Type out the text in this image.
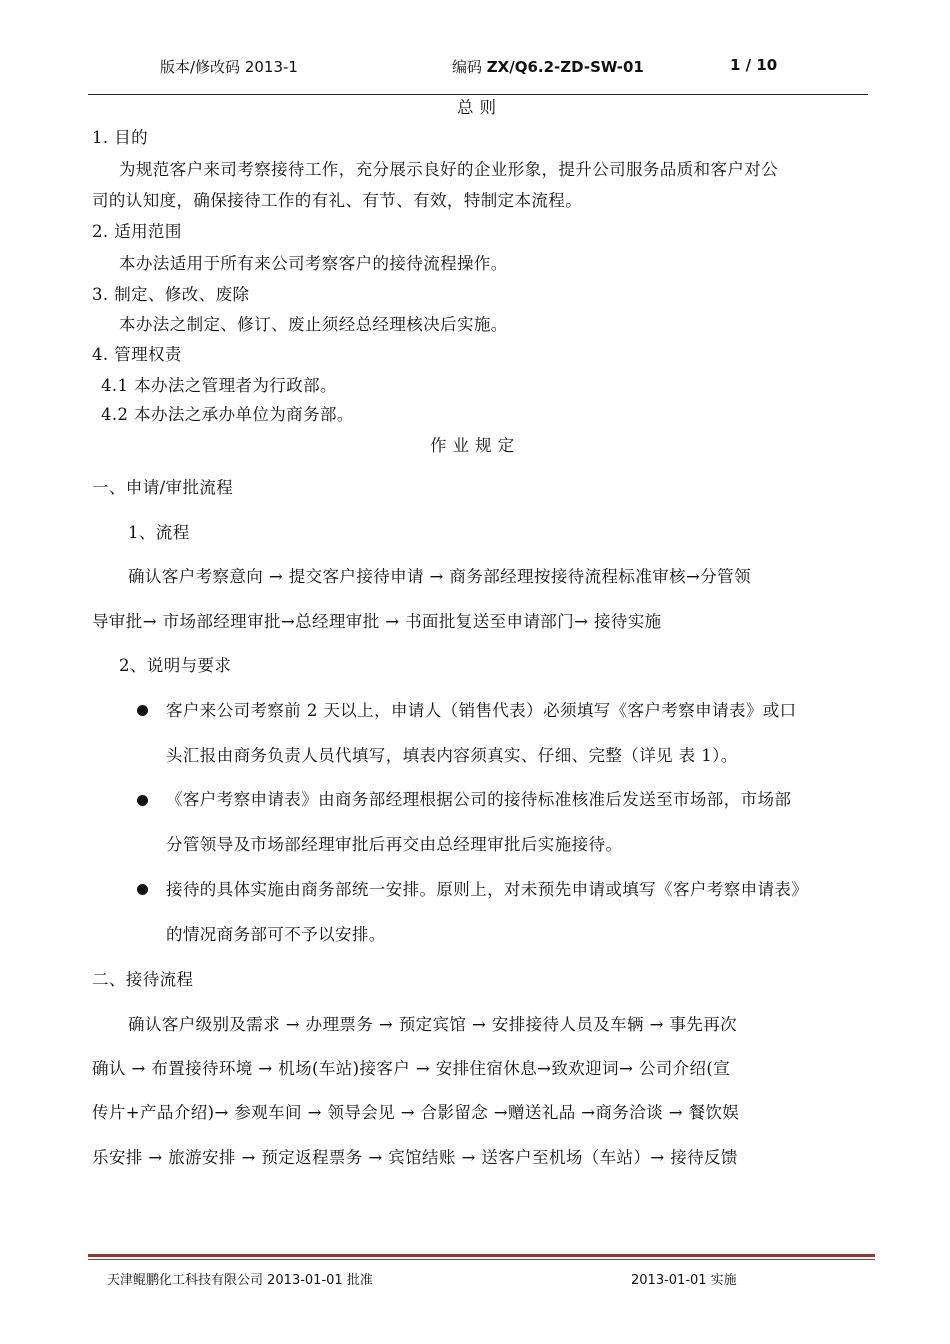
版本/修改码 2013-1	编码 ZX/Q6.2-ZD-SW-01	1 / 10
总 则
1. 目的
为规范客户来司考察接待工作，充分展示良好的企业形象，提升公司服务品质和客户对公
司的认知度，确保接待工作的有礼、有节、有效，特制定本流程。
2. 适用范围
本办法适用于所有来公司考察客户的接待流程操作。
3. 制定、修改、废除
本办法之制定、修订、废止须经总经理核决后实施。
4. 管理权责
4.1 本办法之管理者为行政部。
4.2 本办法之承办单位为商务部。
作 业 规 定
一、申请/审批流程
1、流程
确认客户考察意向 → 提交客户接待申请 → 商务部经理按接待流程标准审核→分管领
导审批→ 市场部经理审批→总经理审批 → 书面批复送至申请部门→ 接待实施
2、说明与要求
客户来公司考察前 2 天以上，申请人（销售代表）必须填写《客户考察申请表》或口
头汇报由商务负责人员代填写，填表内容须真实、仔细、完整（详见 表 1）。
《客户考察申请表》由商务部经理根据公司的接待标准核准后发送至市场部，市场部
分管领导及市场部经理审批后再交由总经理审批后实施接待。
接待的具体实施由商务部统一安排。原则上，对未预先申请或填写《客户考察申请表》
的情况商务部可不予以安排。
二、接待流程
确认客户级别及需求 → 办理票务 → 预定宾馆 → 安排接待人员及车辆 → 事先再次
确认 → 布置接待环境 → 机场(车站)接客户 → 安排住宿休息→致欢迎词→ 公司介绍(宣
传片+产品介绍)→ 参观车间 → 领导会见 → 合影留念 →赠送礼品 →商务洽谈 → 餐饮娱
乐安排 → 旅游安排 → 预定返程票务 → 宾馆结账 → 送客户至机场（车站）→ 接待反馈
天津鲲鹏化工科技有限公司 2013-01-01 批准	2013-01-01 实施
